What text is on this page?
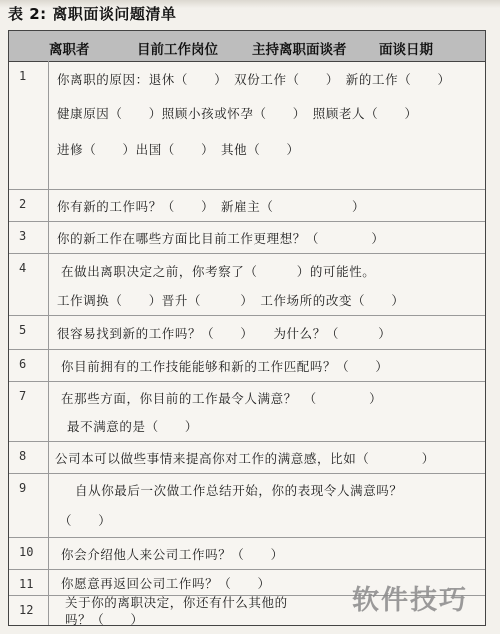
表 2: 离职面谈问题清单
离职者	目前工作岗位	主持离职面谈者 面谈日期
1	你离职的原因：退休（　　）　双份工作（　　）　新的工作（　　）
健康原因（　　）照顾小孩或怀孕（　　）　照顾老人（　　）
进修（　　）出国（　　）　其他（　　）
2	你有新的工作吗？（　　）　新雇主（　　　　　　）
3	你的新工作在哪些方面比目前工作更理想？（　　　　）
4	在做出离职决定之前，你考察了（　　　）的可能性。
工作调换（　　）晋升（　　　）　工作场所的改变（　　）
5	很容易找到新的工作吗？（　　）　　为什么？（　　　）
6	你目前拥有的工作技能能够和新的工作匹配吗？（　　）
7	在那些方面，你目前的工作最令人满意？　（　　　　）
最不满意的是（　　）
8	公司本可以做些事情来提高你对工作的满意感，比如（　　　　）
9	自从你最后一次做工作总结开始，你的表现令人满意吗？
（　　）
10	你会介绍他人来公司工作吗？（　　）
11	你愿意再返回公司工作吗？（　　）
12	关于你的离职决定，你还有什么其他的
吗？（　　）
软件技巧
